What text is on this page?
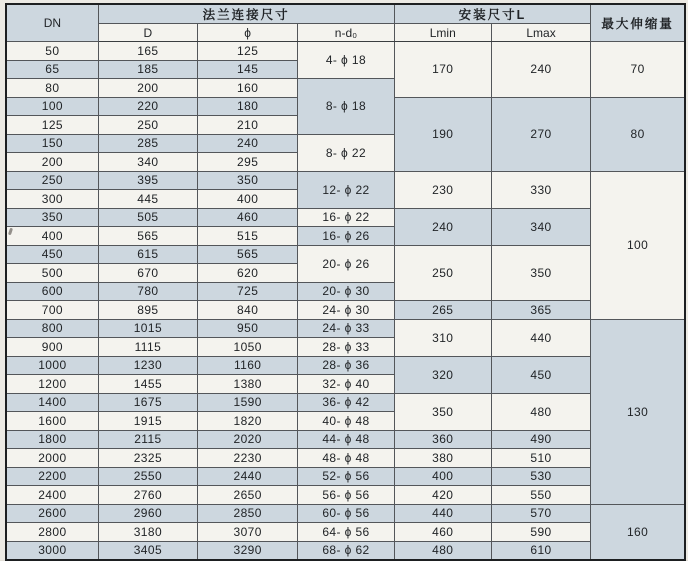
DN	法兰连接尺寸			安装尺寸L		最大伸缩量
	D	ϕ	n-d₀	Lmin	Lmax	
50	165	125	4- ϕ 18	170	240	70
65	185	145				
80	200	160	8- ϕ 18			
100	220	180		190	270	80
125	250	210				
150	285	240	8- ϕ 22			
200	340	295				
250	395	350	12- ϕ 22	230	330	100
300	445	400				
350	505	460	16- ϕ 22	240	340	
400	565	515	16- ϕ 26			
450	615	565	20- ϕ 26	250	350	
500	670	620				
600	780	725	20- ϕ 30			
700	895	840	24- ϕ 30	265	365	
800	1015	950	24- ϕ 33	310	440	130
900	1115	1050	28- ϕ 33			
1000	1230	1160	28- ϕ 36	320	450	
1200	1455	1380	32- ϕ 40			
1400	1675	1590	36- ϕ 42	350	480	
1600	1915	1820	40- ϕ 48			
1800	2115	2020	44- ϕ 48	360	490	
2000	2325	2230	48- ϕ 48	380	510	
2200	2550	2440	52- ϕ 56	400	530	
2400	2760	2650	56- ϕ 56	420	550	
2600	2960	2850	60- ϕ 56	440	570	160
2800	3180	3070	64- ϕ 56	460	590	
3000	3405	3290	68- ϕ 62	480	610	
